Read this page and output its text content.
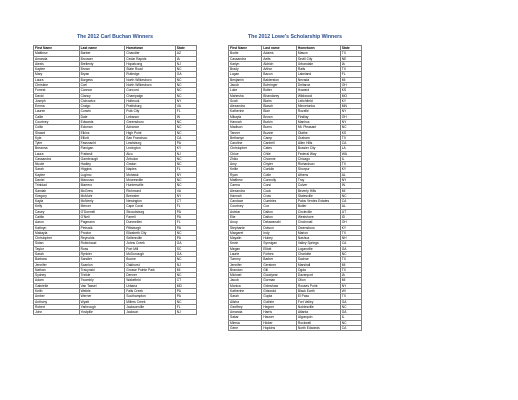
The 2012 Carl Buchan Winners
First Name	Last name	Hometown	State
Matthew	Barber	Chandler	AZ
Amanda	Brouwer	Cedar Rapids	IA
Alexis	Brellenty	Hopatcong	NJ
Kaylee	Brown	State Road	NC
Mary	Bryan	Rutledge	GA
Laura	Burgess	North Wilkesboro	NC
Christine	Carl	North Wilkesboro	NC
Forrest	Cannon	Concord	NC
David	Clancy	Champaign	NC
Joseph	Cichowicz	Holbrook	NY
Emma	Craigo	Prattsburg	VA
Lauren	Corwin	Polk City	FL
Callie	Dale	Lebanon	IN
Courtney	Edwards	Greensboro	NC
Collin	Eckman	Advance	NC
Shawd	Elkins	High Point	NC
Kyle	Elliott	San Francisco	CA
Tyler	Fassnacht	Lewisburg	PA
Breanna	Flanigan	Lexington	KY
Laura	Frabosli	Alco	NJ
Cassandra	Gambrough	Zebulon	NC
Nicole	Hadley	Graton	NC
Sarah	Higgins	Naples	FL
Kaylee	Lugimo	Mohawk	NY
Daniel	Mancuso	Mooresville	NC
Trinidad	Marrero	Huntersville	NC
Samiah	McGrew	Richmond	VA
Gregory	McMuhr	Brewster	NY
Kayla	McNeely	Newington	CT
Kelly	Mercer	Cape Coral	FL
Casey	O'Donnell	Stroudsburg	PA
Caitlin	O'Neil	Farrell	PA
Aaron	Pagmann	Dunmellen	FL
Kathryn	Petrusik	Pittsburgh	PA
Makayla	Proctor	Elizabeth City	NC
Christopher	Reynolds	Sellersville	PA
Sidan	Robichaud	Johns Creek	GA
Taylor	Ross	Port Mill	SC
Sarah	Rynkier	McDonough	GA
Barbara	Sandler	Boone	NC
Jennifer	Scanlon	Oakhurst	NJ
Nathan	Tracynski	Grosse Pointe Park	MI
Sydney	Trinkle	Denver	NC
Adam	Twombly	Wakefield	CT
Gabrielle	Van Tassel	Urbana	MD
Keith	Weible	Falls Creek	PA
Amber	Werner	Southampton	PA
Anthony	Wyatt	Millers Creek	NC
Robert	Yarbrough	Jacksonville	FL
John	Yostpille	Jackson	NJ
The 2012 Lowe's Scholarship Winners
First Name	Last name	Hometown	State
Bodie	Adams	Mason	TX
Cassandra	Aelts	Sevill City	NE
Karlyn	Aldrich	Urbandale	IA
Brady	Arthur	Rails	TX
Logan	Bacon	Lakeland	FL
Benjamin	Balderston	Nevada	MI
Jacob	Bohringer	Deltaroe	OH
Luke	Bolter	Howard	KS
Mahesha	Bhandarey	Wildwood	MO
Scott	Blaim	Leitchfield	KY
Alexandra	Blasch	Minnetonka	MN
Katherine	Blair	Rozelle	NY
Mikayla	Brown	Findlay	OH
Hannah	Burkin	Manhus	NY
Madison	Burns	Mt. Pleasant	NC
Tanner	Buzzie	Olathe	KS
Bethanye	Camp	Graham	TX
Caroline	Cantrell	Allen Hills	CA
Christopher	Cates	Bossier City	LA
Chloe	Chile	Federal Way	WA
Zhiko	Chonnie	Chicago	IL
Amy	Chyter	Richardson	TX
Kellie	Conklin	Shorpur	KY
Ryan	Cotie	Athens	AL
Matthew	Connolly	Troy	NY
Carma	Corsi	Culver	IN
Alexandra	Cook	Beverly Hills	MI
Hannah	Crow	Statesville	NC
Candace	Cumbies	Palos Verdes Estates	CA
Courtney	Cox	Butler	AL
Ashton	Dalton	Circleville	UT
Elie	Dalton	Westshore	ID
Anup	Delawanabi	Cincinnati	OH
Stephanie	Dotson	Owensboro	KY
Margaret	Indy	Marion	TX
Mayalin	Hubey	Nashua	NH
Kevin	Synnigan	Valley Springs	CA
Megan	Elliott	Loganville	GA
Laurie	Forbes	Charlotte	NC
Tommy	Barber	Sachse	TX
Jennifer	Gerstner	Marshall	MI
Brandon	Gill	Ogda	TX
Michael	Goodyear	Davenport	IA
Jacob	Gorman	Olion	MI
Monica	Grimshaw	Rouses Point	NY
Katherine	Griswold	Black Earth	WI
Sarah	Gupta	El Paso	TX
Alisha	Guthrie	Fort Valley	GA
Geoffrey	Hegner	Noblesville	NC
Amanda	Harris	Atlanta	GA
Sakar	Hauser	Algonquin	IL
Mimsa	Hicker	Rockwell	NC
Gene	Hopkins	North Edwards	CA
